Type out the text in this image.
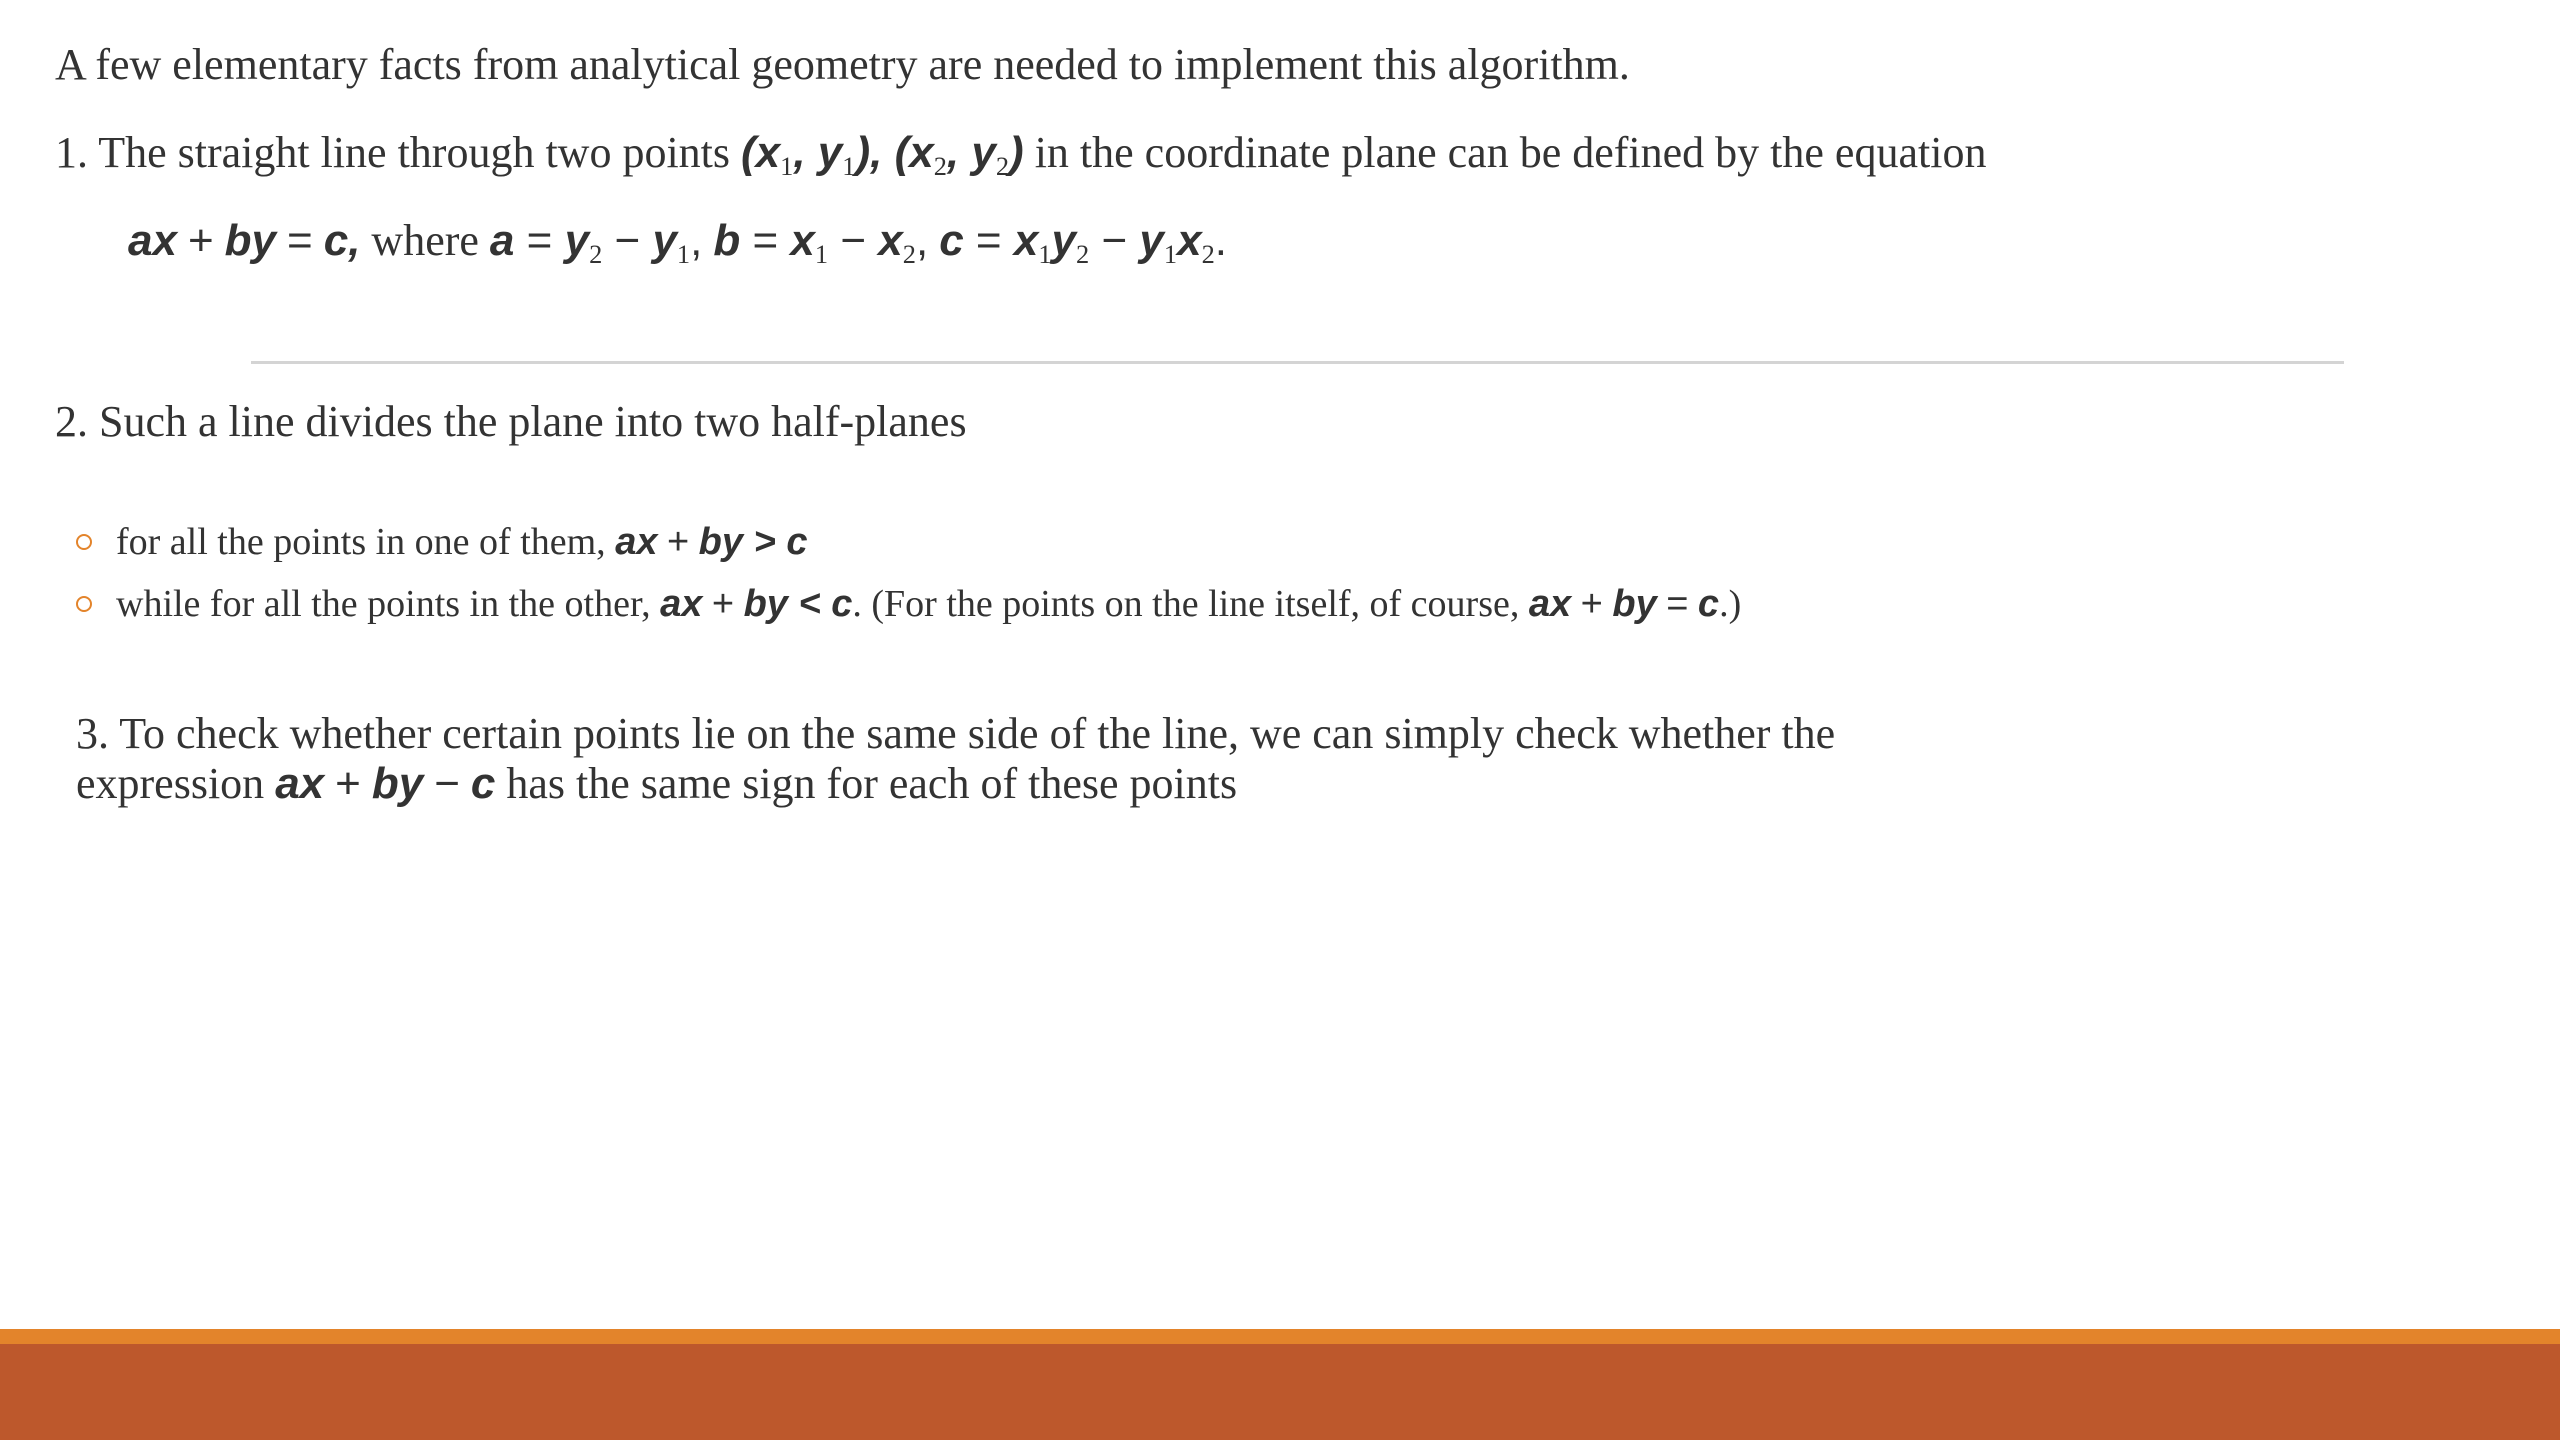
A few elementary facts from analytical geometry are needed to implement this algorithm.
1. The straight line through two points (x1, y1), (x2, y2) in the coordinate plane can be defined by the equation
ax + by = c, where a = y2 − y1, b = x1 − x2, c = x1y2 − y1x2.
2. Such a line divides the plane into two half-planes
for all the points in one of them, ax + by > c
while for all the points in the other, ax + by < c. (For the points on the line itself, of course, ax + by = c.)
3. To check whether certain points lie on the same side of the line, we can simply check whether the
expression ax + by − c has the same sign for each of these points
